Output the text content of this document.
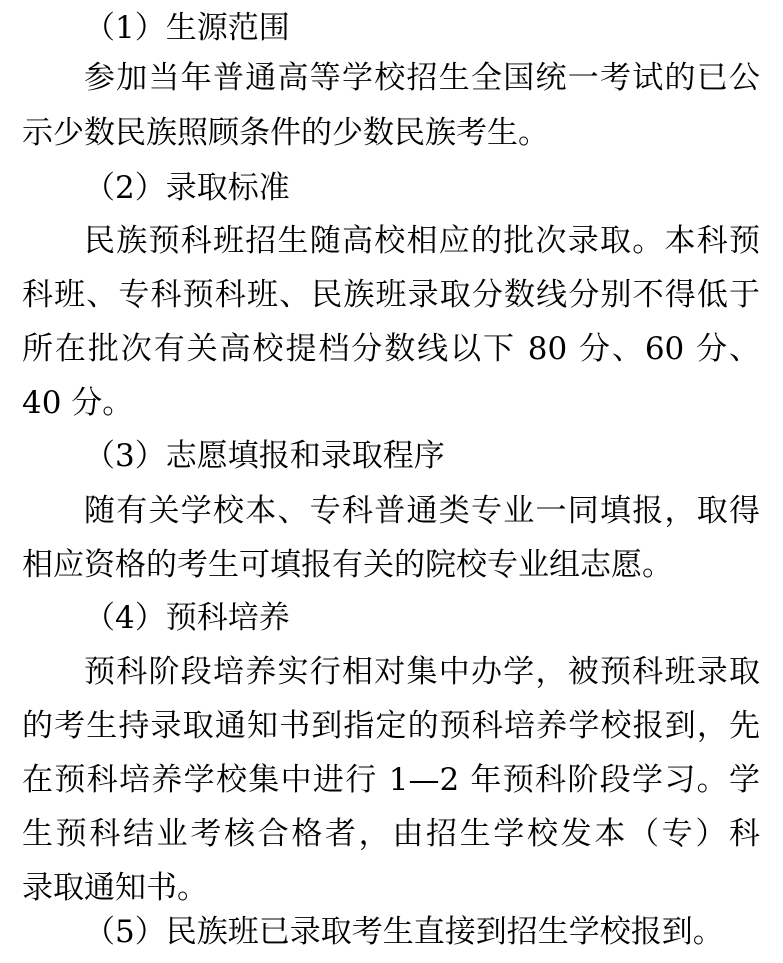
（1）生源范围
参加当年普通高等学校招生全国统一考试的已公
示少数民族照顾条件的少数民族考生。
（2）录取标准
民族预科班招生随高校相应的批次录取。本科预
科班、专科预科班、民族班录取分数线分别不得低于
所在批次有关高校提档分数线以下 80 分、60 分、
40 分。
（3）志愿填报和录取程序
随有关学校本、专科普通类专业一同填报，取得
相应资格的考生可填报有关的院校专业组志愿。
（4）预科培养
预科阶段培养实行相对集中办学，被预科班录取
的考生持录取通知书到指定的预科培养学校报到，先
在预科培养学校集中进行 1—2 年预科阶段学习。学
生预科结业考核合格者，由招生学校发本（专）科
录取通知书。
（5）民族班已录取考生直接到招生学校报到。
